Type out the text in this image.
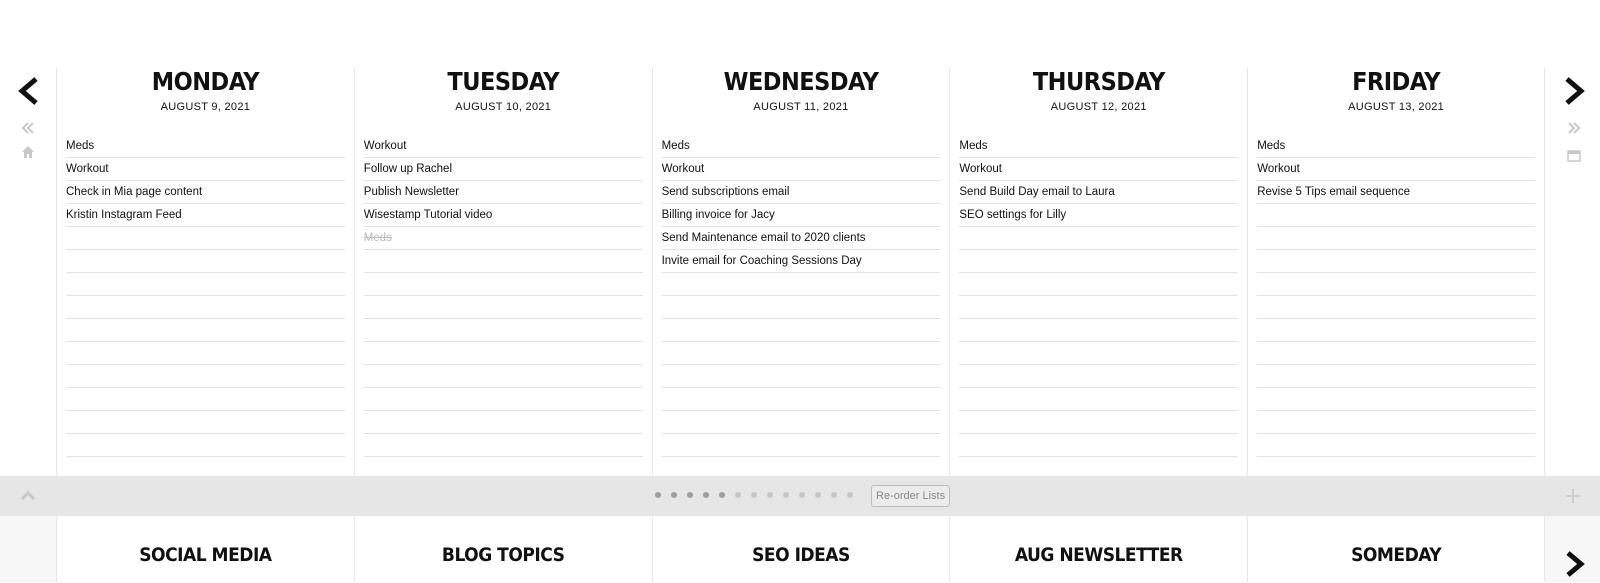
MONDAY
AUGUST 9, 2021
Meds
Workout
Check in Mia page content
Kristin Instagram Feed
TUESDAY
AUGUST 10, 2021
Workout
Follow up Rachel
Publish Newsletter
Wisestamp Tutorial video
Meds
WEDNESDAY
AUGUST 11, 2021
Meds
Workout
Send subscriptions email
Billing invoice for Jacy
Send Maintenance email to 2020 clients
Invite email for Coaching Sessions Day
THURSDAY
AUGUST 12, 2021
Meds
Workout
Send Build Day email to Laura
SEO settings for Lilly
FRIDAY
AUGUST 13, 2021
Meds
Workout
Revise 5 Tips email sequence
Re-order Lists
SOCIAL MEDIA	BLOG TOPICS	SEO IDEAS	AUG NEWSLETTER	SOMEDAY
